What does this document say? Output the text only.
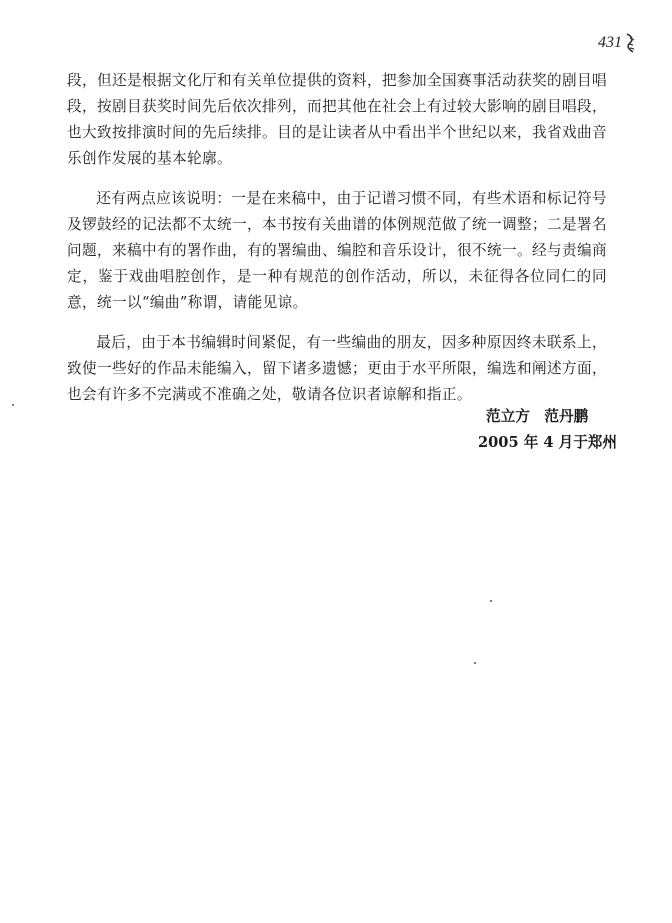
431

段，但还是根据文化厅和有关单位提供的资料，把参加全国赛事活动获奖的剧目唱段，按剧目获奖时间先后依次排列，而把其他在社会上有过较大影响的剧目唱段，也大致按排演时间的先后续排。目的是让读者从中看出半个世纪以来，我省戏曲音乐创作发展的基本轮廓。

还有两点应该说明：一是在来稿中，由于记谱习惯不同，有些术语和标记符号及锣鼓经的记法都不太统一，本书按有关曲谱的体例规范做了统一调整；二是署名问题，来稿中有的署作曲，有的署编曲、编腔和音乐设计，很不统一。经与责编商定，鉴于戏曲唱腔创作，是一种有规范的创作活动，所以，未征得各位同仁的同意，统一以“编曲”称谓，请能见谅。

最后，由于本书编辑时间紧促，有一些编曲的朋友，因多种原因终未联系上，致使一些好的作品未能编入，留下诸多遗憾；更由于水平所限，编选和阐述方面，也会有许多不完满或不准确之处，敬请各位识者谅解和指正。

范立方　范丹鹏
2005 年 4 月于郑州
